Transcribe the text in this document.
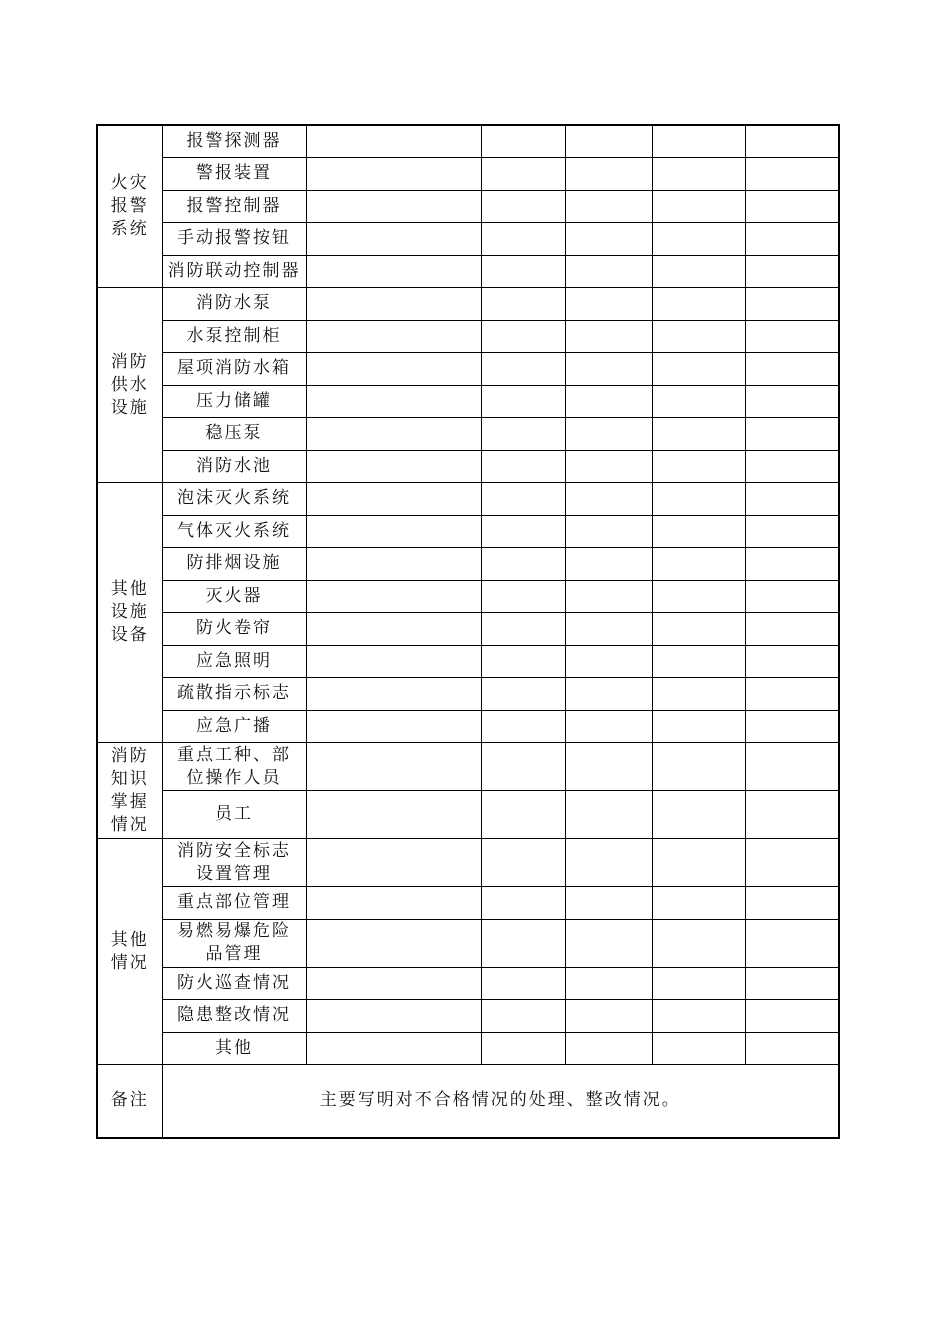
火灾报警系统	报警探测器					
	警报装置					
	报警控制器					
	手动报警按钮					
	消防联动控制器					
消防供水设施	消防水泵					
	水泵控制柜					
	屋项消防水箱					
	压力储罐					
	稳压泵					
	消防水池					
其他设施设备	泡沫灭火系统					
	气体灭火系统					
	防排烟设施					
	灭火器					
	防火卷帘					
	应急照明					
	疏散指示标志					
	应急广播					
消防知识掌握情况	重点工种、部位操作人员					
	员工					
其他情况	消防安全标志设置管理					
	重点部位管理					
	易燃易爆危险品管理					
	防火巡查情况					
	隐患整改情况					
	其他					
备注	主要写明对不合格情况的处理、整改情况。					
